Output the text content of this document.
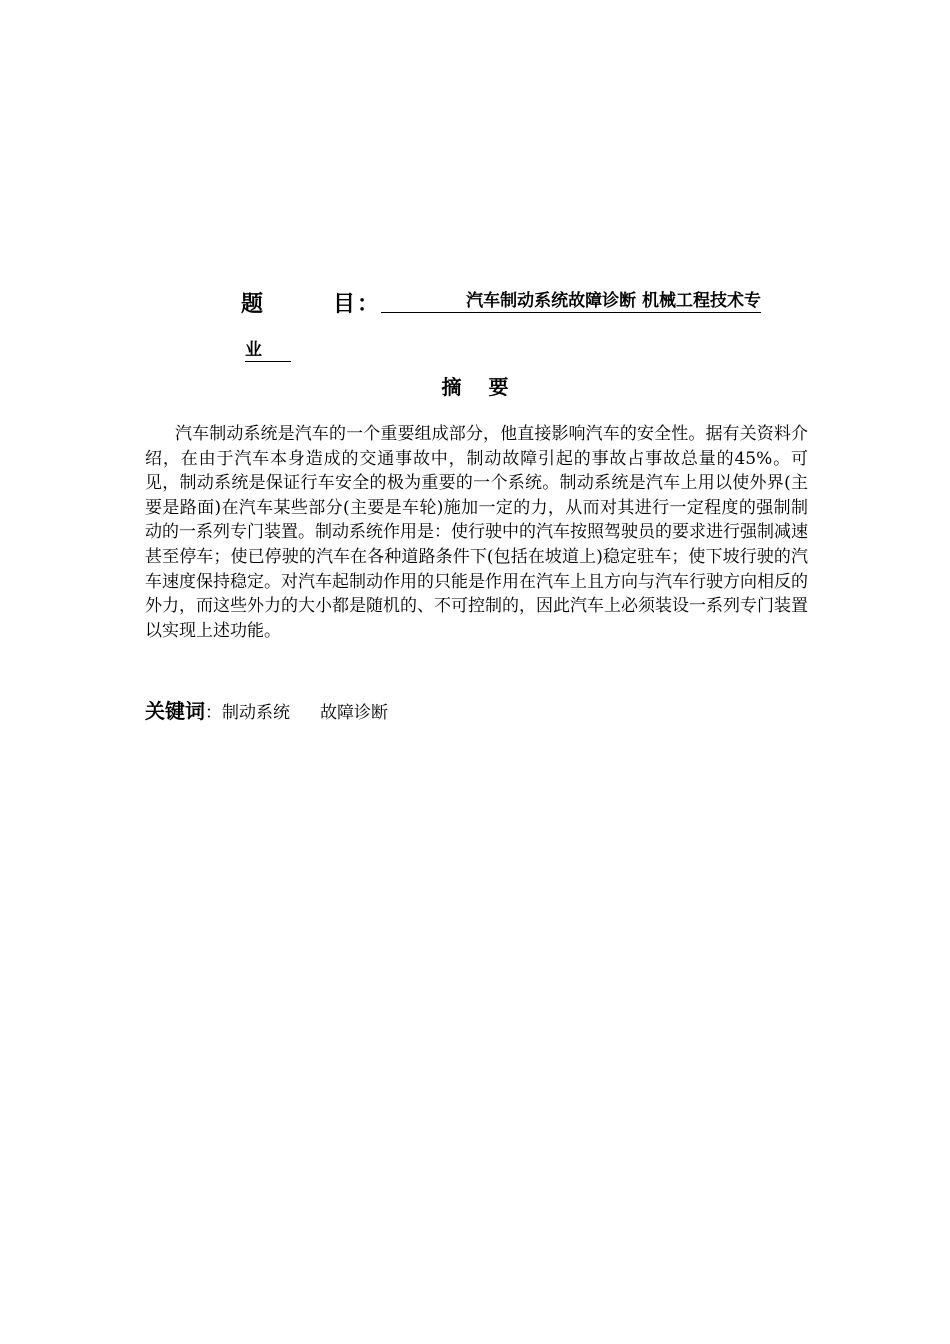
题	目 ：	汽车制动系统故障诊断 机械工程技术专
业
摘 要

汽车制动系统是汽车的一个重要组成部分，他直接影响汽车的安全性。据有关资料介绍，在由于汽车本身造成的交通事故中，制动故障引起的事故占事故总量的45%。可见，制动系统是保证行车安全的极为重要的一个系统。制动系统是汽车上用以使外界(主要是路面)在汽车某些部分(主要是车轮)施加一定的力，从而对其进行一定程度的强制制动的一系列专门装置。制动系统作用是：使行驶中的汽车按照驾驶员的要求进行强制减速甚至停车；使已停驶的汽车在各种道路条件下(包括在坡道上)稳定驻车；使下坡行驶的汽车速度保持稳定。对汽车起制动作用的只能是作用在汽车上且方向与汽车行驶方向相反的外力，而这些外力的大小都是随机的、不可控制的，因此汽车上必须装设一系列专门装置以实现上述功能。

关键词：制动系统 故障诊断
